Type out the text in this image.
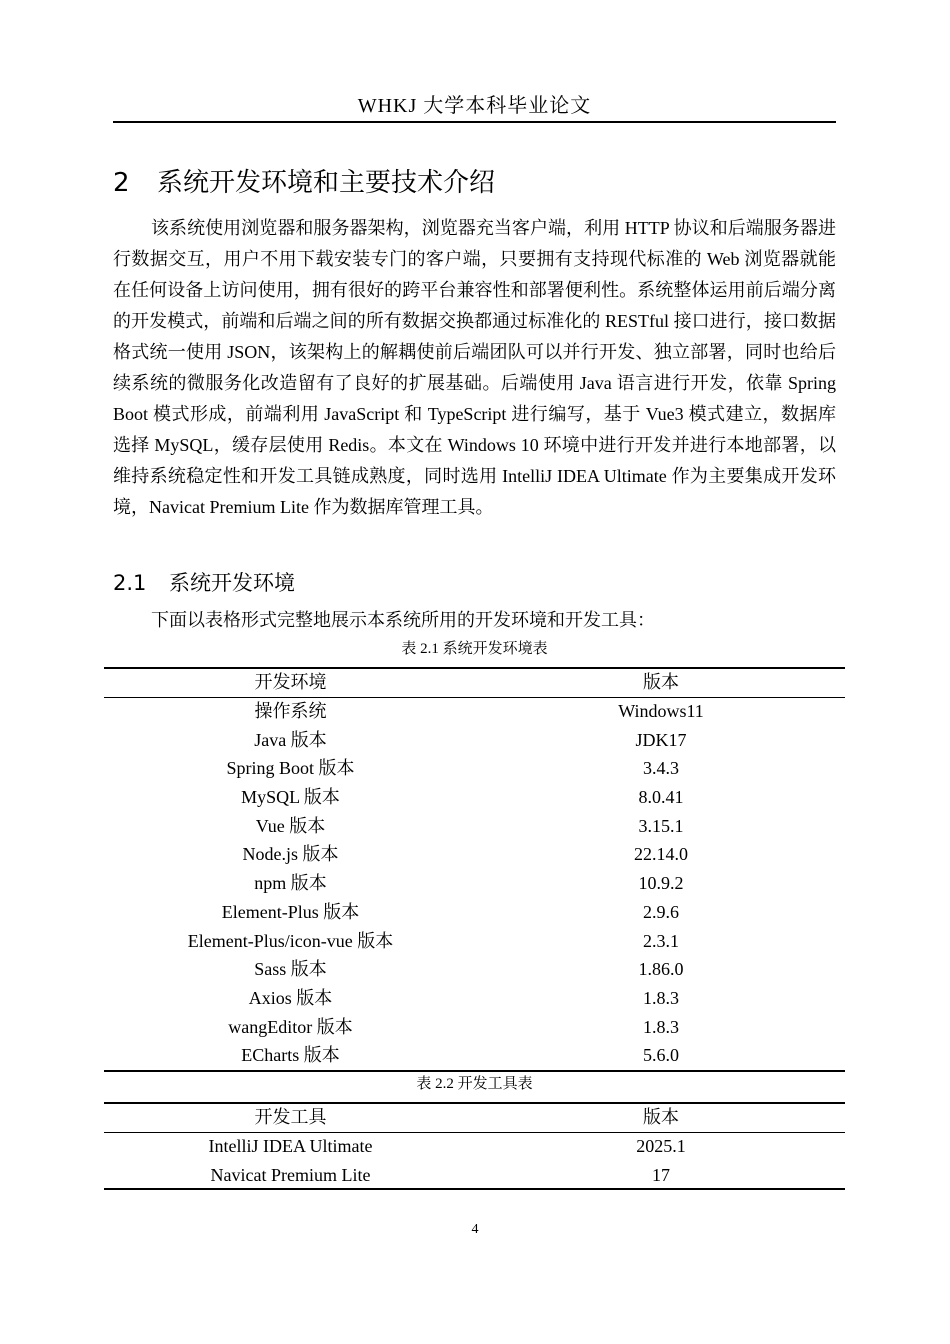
WHKJ 大学本科毕业论文
2 系统开发环境和主要技术介绍

该系统使用浏览器和服务器架构，浏览器充当客户端，利用 HTTP 协议和后端服务器进行数据交互，用户不用下载安装专门的客户端，只要拥有支持现代标准的 Web 浏览器就能在任何设备上访问使用，拥有很好的跨平台兼容性和部署便利性。系统整体运用前后端分离的开发模式，前端和后端之间的所有数据交换都通过标准化的 RESTful 接口进行，接口数据格式统一使用 JSON，该架构上的解耦使前后端团队可以并行开发、独立部署，同时也给后续系统的微服务化改造留有了良好的扩展基础。后端使用 Java 语言进行开发，依靠 Spring Boot 模式形成，前端利用 JavaScript 和 TypeScript 进行编写，基于 Vue3 模式建立，数据库选择 MySQL，缓存层使用 Redis。本文在 Windows 10 环境中进行开发并进行本地部署，以维持系统稳定性和开发工具链成熟度，同时选用 IntelliJ IDEA Ultimate 作为主要集成开发环境，Navicat Premium Lite 作为数据库管理工具。

2.1 系统开发环境
下面以表格形式完整地展示本系统所用的开发环境和开发工具：
表 2.1 系统开发环境表
开发环境	版本
操作系统	Windows11
Java 版本	JDK17
Spring Boot 版本	3.4.3
MySQL 版本	8.0.41
Vue 版本	3.15.1
Node.js 版本	22.14.0
npm 版本	10.9.2
Element-Plus 版本	2.9.6
Element-Plus/icon-vue 版本	2.3.1
Sass 版本	1.86.0
Axios 版本	1.8.3
wangEditor 版本	1.8.3
ECharts 版本	5.6.0
表 2.2 开发工具表
开发工具	版本
IntelliJ IDEA Ultimate	2025.1
Navicat Premium Lite	17
4
